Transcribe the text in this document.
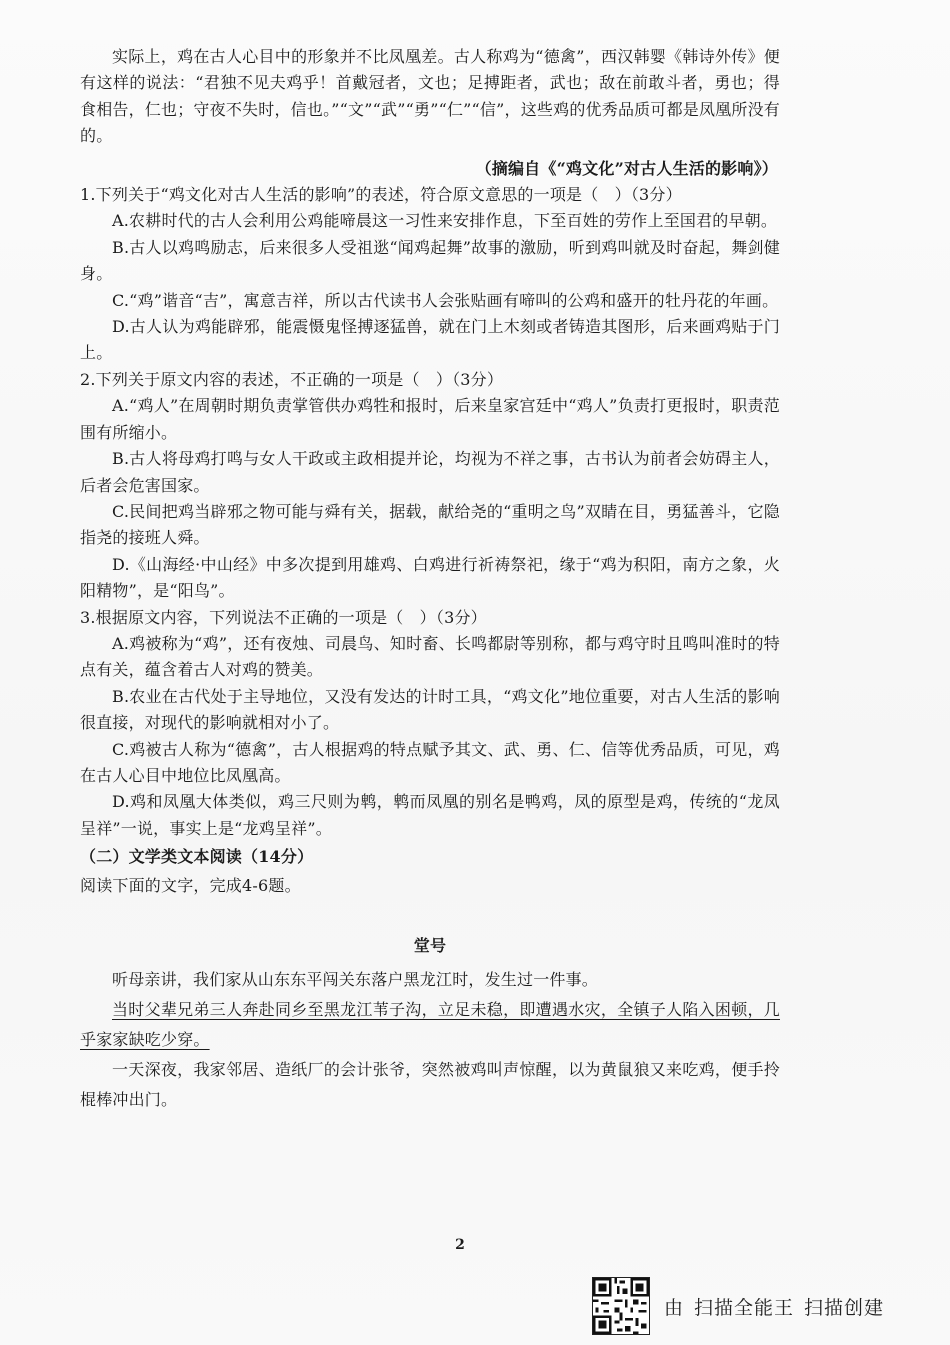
实际上，鸡在古人心目中的形象并不比凤凰差。古人称鸡为“德禽”，西汉韩婴《韩诗外传》便有这样的说法：“君独不见夫鸡乎！首戴冠者，文也；足搏距者，武也；敌在前敢斗者，勇也；得食相告，仁也；守夜不失时，信也。”“文”“武”“勇”“仁”“信”，这些鸡的优秀品质可都是凤凰所没有的。

（摘编自《“鸡文化”对古人生活的影响》）

1.下列关于“鸡文化对古人生活的影响”的表述，符合原文意思的一项是（　）（3分）

A.农耕时代的古人会利用公鸡能啼晨这一习性来安排作息，下至百姓的劳作上至国君的早朝。

B.古人以鸡鸣励志，后来很多人受祖逖“闻鸡起舞”故事的激励，听到鸡叫就及时奋起，舞剑健身。

C.“鸡”谐音“吉”，寓意吉祥，所以古代读书人会张贴画有啼叫的公鸡和盛开的牡丹花的年画。

D.古人认为鸡能辟邪，能震慑鬼怪搏逐猛兽，就在门上木刻或者铸造其图形，后来画鸡贴于门上。

2.下列关于原文内容的表述，不正确的一项是（　）（3分）

A.“鸡人”在周朝时期负责掌管供办鸡牲和报时，后来皇家宫廷中“鸡人”负责打更报时，职责范围有所缩小。

B.古人将母鸡打鸣与女人干政或主政相提并论，均视为不祥之事，古书认为前者会妨碍主人，后者会危害国家。

C.民间把鸡当辟邪之物可能与舜有关，据载，献给尧的“重明之鸟”双睛在目，勇猛善斗，它隐指尧的接班人舜。

D.《山海经·中山经》中多次提到用雄鸡、白鸡进行祈祷祭祀，缘于“鸡为积阳，南方之象，火阳精物”，是“阳鸟”。

3.根据原文内容，下列说法不正确的一项是（　）（3分）

A.鸡被称为“鸡”，还有夜烛、司晨鸟、知时畜、长鸣都尉等别称，都与鸡守时且鸣叫准时的特点有关，蕴含着古人对鸡的赞美。

B.农业在古代处于主导地位，又没有发达的计时工具，“鸡文化”地位重要，对古人生活的影响很直接，对现代的影响就相对小了。

C.鸡被古人称为“德禽”，古人根据鸡的特点赋予其文、武、勇、仁、信等优秀品质，可见，鸡在古人心目中地位比凤凰高。

D.鸡和凤凰大体类似，鸡三尺则为鹎，鹎而凤凰的别名是鸭鸡，凤的原型是鸡，传统的“龙凤呈祥”一说，事实上是“龙鸡呈祥”。

（二）文学类文本阅读（14分）

阅读下面的文字，完成4-6题。

堂号

听母亲讲，我们家从山东东平闯关东落户黑龙江时，发生过一件事。

当时父辈兄弟三人奔赴同乡至黑龙江苇子沟，立足未稳，即遭遇水灾，全镇子人陷入困顿，几乎家家缺吃少穿。

一天深夜，我家邻居、造纸厂的会计张爷，突然被鸡叫声惊醒，以为黄鼠狼又来吃鸡，便手拎棍棒冲出门。

2
由 扫描全能王 扫描创建
